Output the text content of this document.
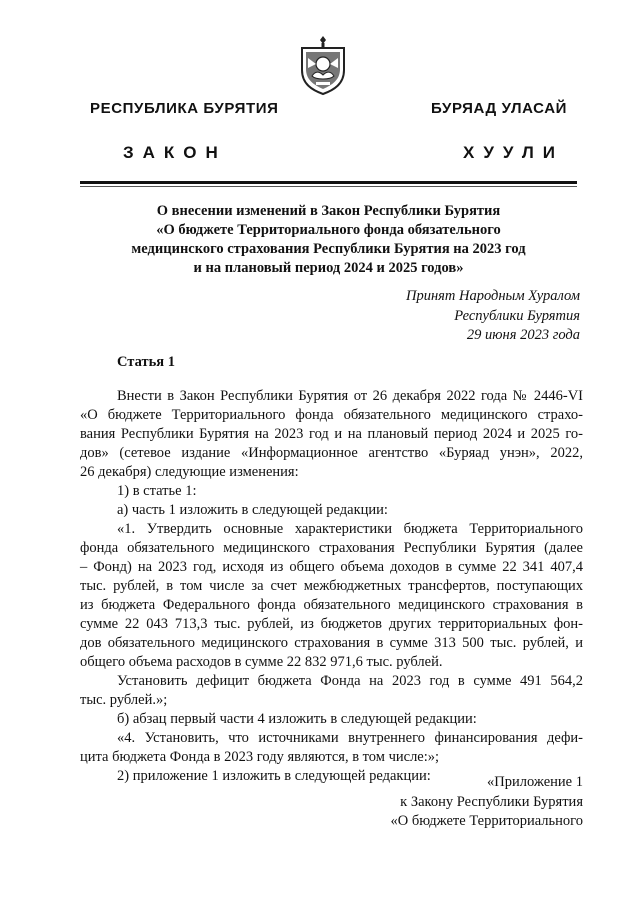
РЕСПУБЛИКА БУРЯТИЯ	БУРЯАД УЛАСАЙ
ЗАКОН	ХУУЛИ
О внесении изменений в Закон Республики Бурятия
«О бюджете Территориального фонда обязательного
медицинского страхования Республики Бурятия на 2023 год
и на плановый период 2024 и 2025 годов»
Принят Народным Хуралом
Республики Бурятия
29 июня 2023 года
Статья 1
Внести в Закон Республики Бурятия от 26 декабря 2022 года № 2446-VI
«О бюджете Территориального фонда обязательного медицинского страхо-
вания Республики Бурятия на 2023 год и на плановый период 2024 и 2025 го-
дов» (сетевое издание «Информационное агентство «Буряад унэн», 2022,
26 декабря) следующие изменения:
1) в статье 1:
а) часть 1 изложить в следующей редакции:
«1. Утвердить основные характеристики бюджета Территориального
фонда обязательного медицинского страхования Республики Бурятия (далее
– Фонд) на 2023 год, исходя из общего объема доходов в сумме 22 341 407,4
тыс. рублей, в том числе за счет межбюджетных трансфертов, поступающих
из бюджета Федерального фонда обязательного медицинского страхования в
сумме 22 043 713,3 тыс. рублей, из бюджетов других территориальных фон-
дов обязательного медицинского страхования в сумме 313 500 тыс. рублей, и
общего объема расходов в сумме 22 832 971,6 тыс. рублей.
Установить дефицит бюджета Фонда на 2023 год в сумме 491 564,2
тыс. рублей.»;
б) абзац первый части 4 изложить в следующей редакции:
«4. Установить, что источниками внутреннего финансирования дефи-
цита бюджета Фонда в 2023 году являются, в том числе:»;
2) приложение 1 изложить в следующей редакции:	«Приложение 1
к Закону Республики Бурятия
«О бюджете Территориального
